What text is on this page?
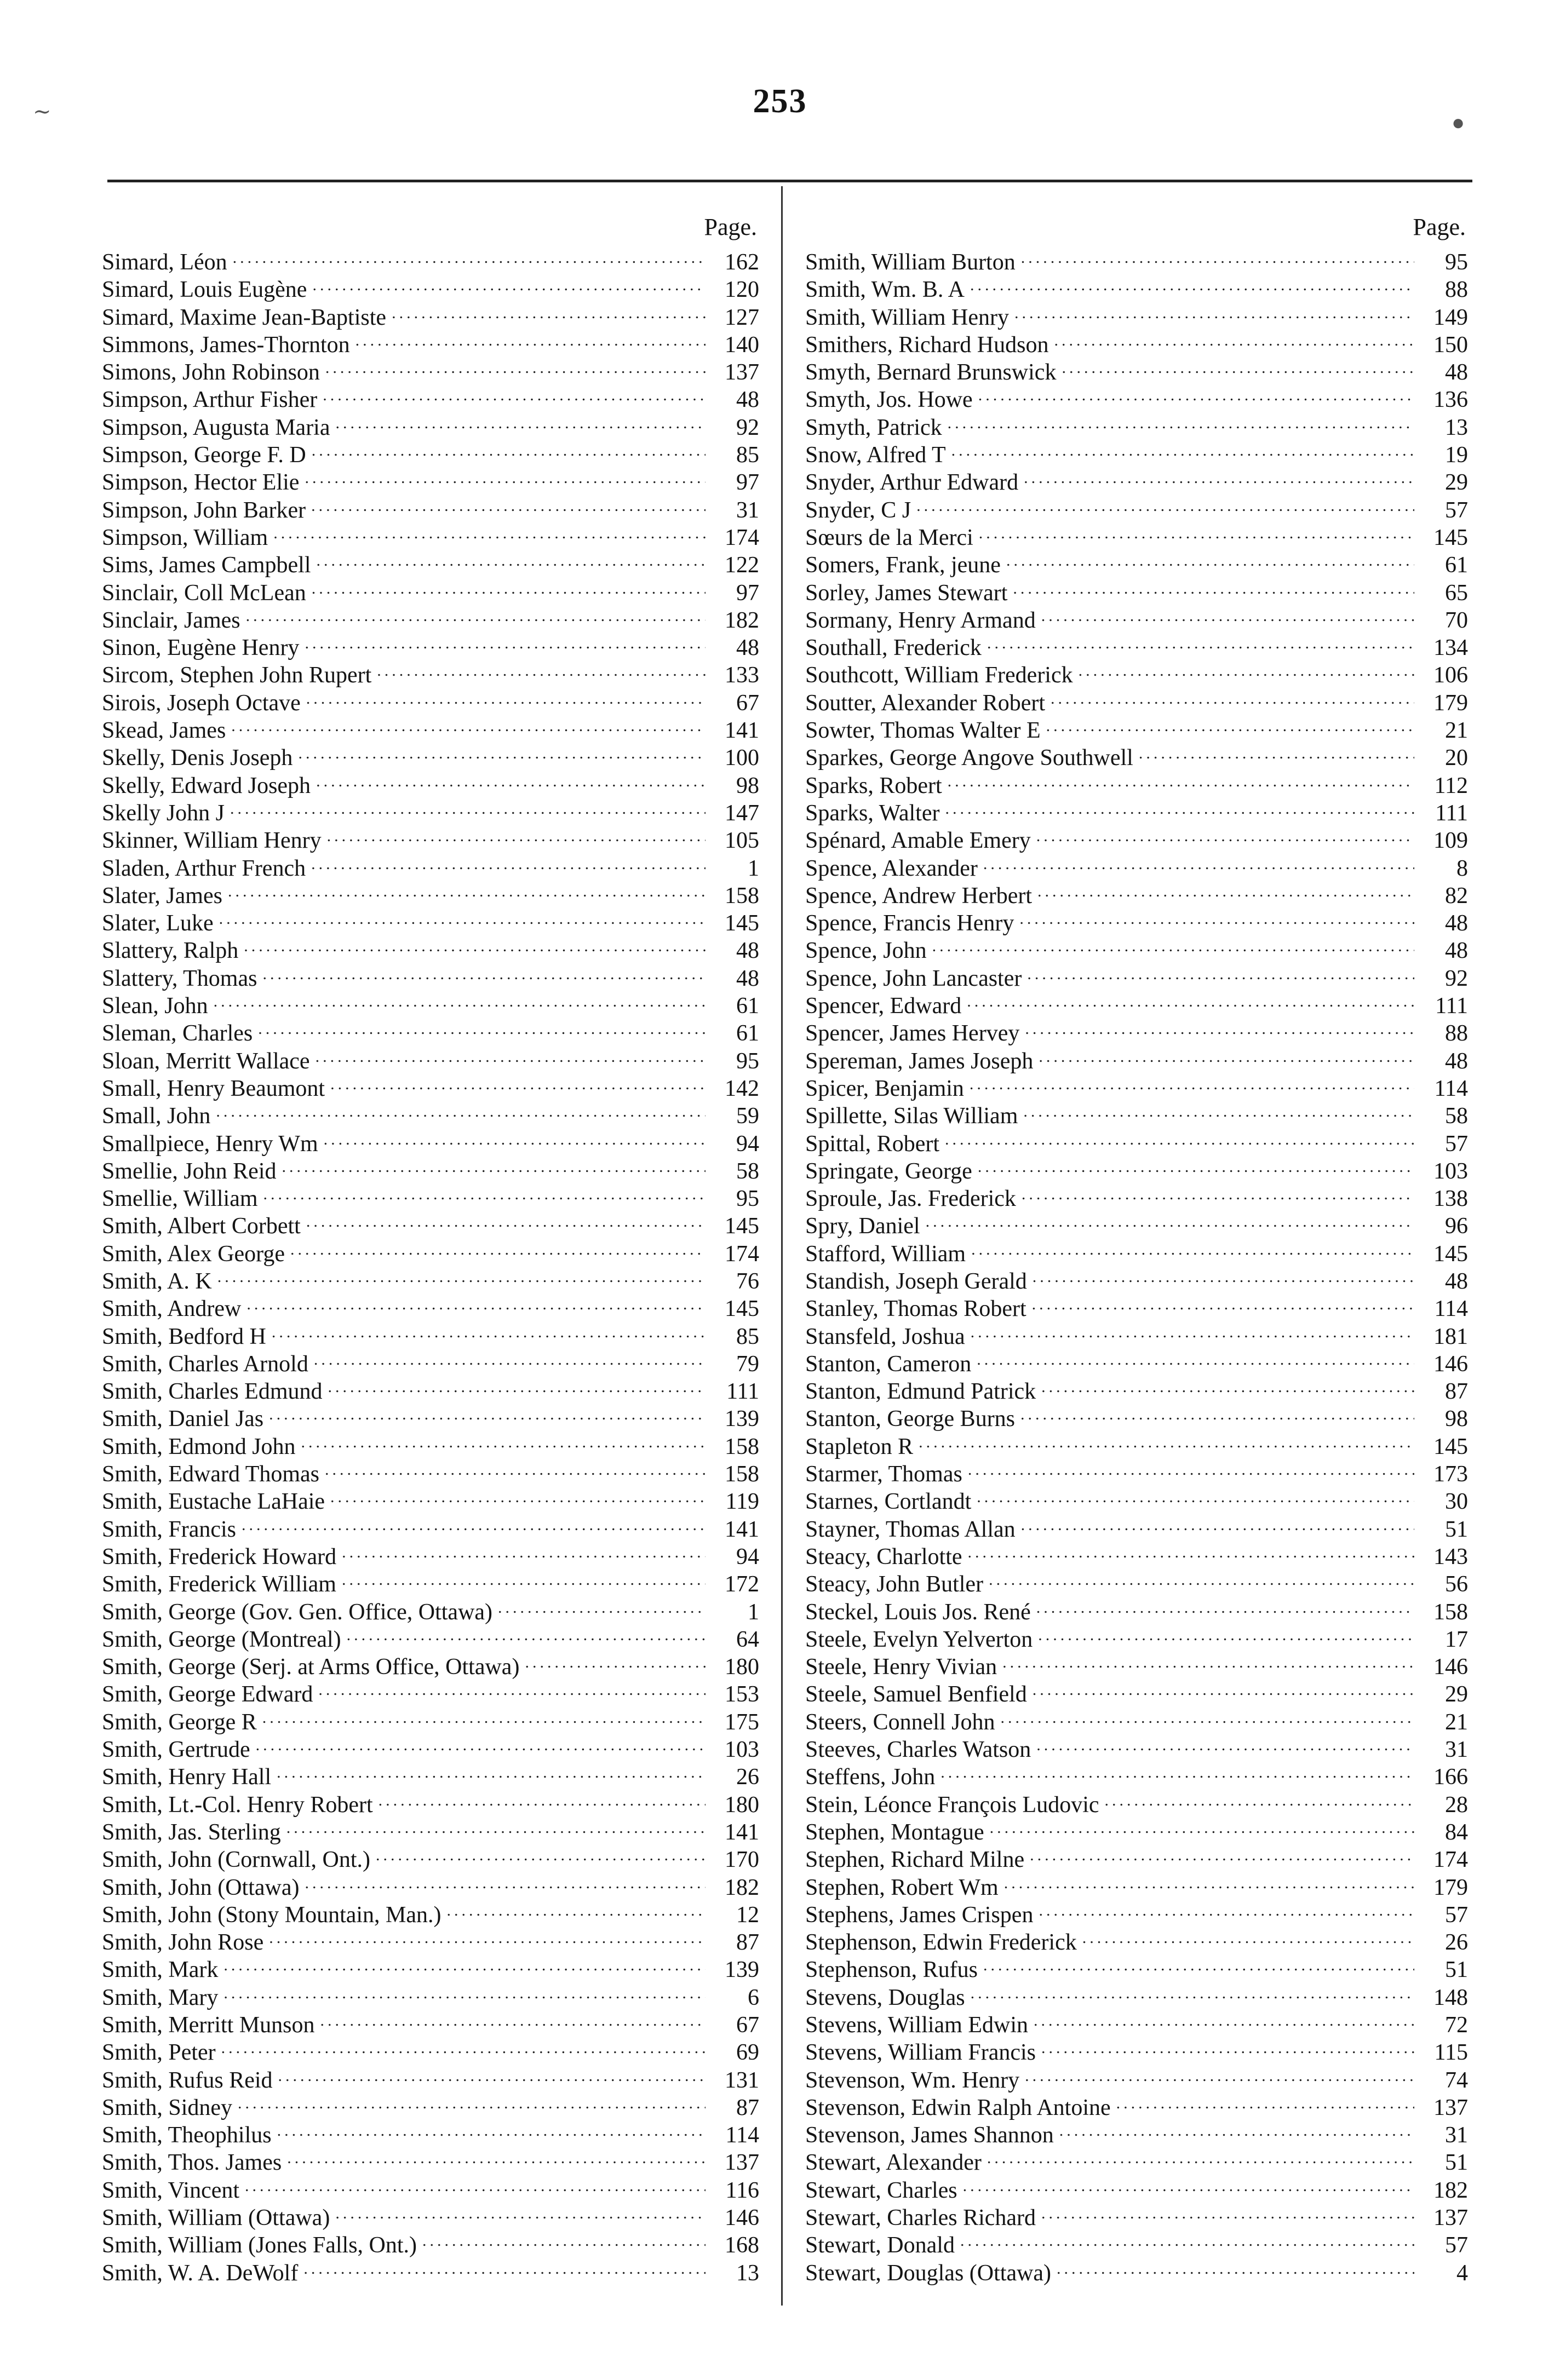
253
∼	●
Page.
Simard, Léon .....	162
Simard, Louis Eugène .....	120
Simard, Maxime Jean-Baptiste .....	127
Simmons, James-Thornton .....	140
Simons, John Robinson .....	137
Simpson, Arthur Fisher .....	48
Simpson, Augusta Maria .....	92
Simpson, George F. D .....	85
Simpson, Hector Elie .....	97
Simpson, John Barker .....	31
Simpson, William .....	174
Sims, James Campbell .....	122
Sinclair, Coll McLean .....	97
Sinclair, James .....	182
Sinon, Eugène Henry .....	48
Sircom, Stephen John Rupert .....	133
Sirois, Joseph Octave .....	67
Skead, James .....	141
Skelly, Denis Joseph .....	100
Skelly, Edward Joseph .....	98
Skelly John J .....	147
Skinner, William Henry .....	105
Sladen, Arthur French .....	1
Slater, James .....	158
Slater, Luke .....	145
Slattery, Ralph .....	48
Slattery, Thomas .....	48
Slean, John .....	61
Sleman, Charles .....	61
Sloan, Merritt Wallace .....	95
Small, Henry Beaumont .....	142
Small, John .....	59
Smallpiece, Henry Wm .....	94
Smellie, John Reid .....	58
Smellie, William .....	95
Smith, Albert Corbett .....	145
Smith, Alex George .....	174
Smith, A. K .....	76
Smith, Andrew .....	145
Smith, Bedford H .....	85
Smith, Charles Arnold .....	79
Smith, Charles Edmund .....	111
Smith, Daniel Jas .....	139
Smith, Edmond John .....	158
Smith, Edward Thomas .....	158
Smith, Eustache LaHaie .....	119
Smith, Francis .....	141
Smith, Frederick Howard .....	94
Smith, Frederick William .....	172
Smith, George (Gov. Gen. Office, Ottawa) .....	1
Smith, George (Montreal) .....	64
Smith, George (Serj. at Arms Office, Ottawa) .....	180
Smith, George Edward .....	153
Smith, George R .....	175
Smith, Gertrude .....	103
Smith, Henry Hall .....	26
Smith, Lt.-Col. Henry Robert .....	180
Smith, Jas. Sterling .....	141
Smith, John (Cornwall, Ont.) .....	170
Smith, John (Ottawa) .....	182
Smith, John (Stony Mountain, Man.) .....	12
Smith, John Rose .....	87
Smith, Mark .....	139
Smith, Mary .....	6
Smith, Merritt Munson .....	67
Smith, Peter .....	69
Smith, Rufus Reid .....	131
Smith, Sidney .....	87
Smith, Theophilus .....	114
Smith, Thos. James .....	137
Smith, Vincent .....	116
Smith, William (Ottawa) .....	146
Smith, William (Jones Falls, Ont.) .....	168
Smith, W. A. DeWolf .....	13
Page.
Smith, William Burton .....	95
Smith, Wm. B. A .....	88
Smith, William Henry .....	149
Smithers, Richard Hudson .....	150
Smyth, Bernard Brunswick .....	48
Smyth, Jos. Howe .....	136
Smyth, Patrick .....	13
Snow, Alfred T .....	19
Snyder, Arthur Edward .....	29
Snyder, C J .....	57
Sœurs de la Merci .....	145
Somers, Frank, jeune .....	61
Sorley, James Stewart .....	65
Sormany, Henry Armand .....	70
Southall, Frederick .....	134
Southcott, William Frederick .....	106
Soutter, Alexander Robert .....	179
Sowter, Thomas Walter E .....	21
Sparkes, George Angove Southwell .....	20
Sparks, Robert .....	112
Sparks, Walter .....	111
Spénard, Amable Emery .....	109
Spence, Alexander .....	8
Spence, Andrew Herbert .....	82
Spence, Francis Henry .....	48
Spence, John .....	48
Spence, John Lancaster .....	92
Spencer, Edward .....	111
Spencer, James Hervey .....	88
Spereman, James Joseph .....	48
Spicer, Benjamin .....	114
Spillette, Silas William .....	58
Spittal, Robert .....	57
Springate, George .....	103
Sproule, Jas. Frederick .....	138
Spry, Daniel .....	96
Stafford, William .....	145
Standish, Joseph Gerald .....	48
Stanley, Thomas Robert .....	114
Stansfeld, Joshua .....	181
Stanton, Cameron .....	146
Stanton, Edmund Patrick .....	87
Stanton, George Burns .....	98
Stapleton R .....	145
Starmer, Thomas .....	173
Starnes, Cortlandt .....	30
Stayner, Thomas Allan .....	51
Steacy, Charlotte .....	143
Steacy, John Butler .....	56
Steckel, Louis Jos. René .....	158
Steele, Evelyn Yelverton .....	17
Steele, Henry Vivian .....	146
Steele, Samuel Benfield .....	29
Steers, Connell John .....	21
Steeves, Charles Watson .....	31
Steffens, John .....	166
Stein, Léonce François Ludovic .....	28
Stephen, Montague .....	84
Stephen, Richard Milne .....	174
Stephen, Robert Wm .....	179
Stephens, James Crispen .....	57
Stephenson, Edwin Frederick .....	26
Stephenson, Rufus .....	51
Stevens, Douglas .....	148
Stevens, William Edwin .....	72
Stevens, William Francis .....	115
Stevenson, Wm. Henry .....	74
Stevenson, Edwin Ralph Antoine .....	137
Stevenson, James Shannon .....	31
Stewart, Alexander .....	51
Stewart, Charles .....	182
Stewart, Charles Richard .....	137
Stewart, Donald .....	57
Stewart, Douglas (Ottawa) .....	4
